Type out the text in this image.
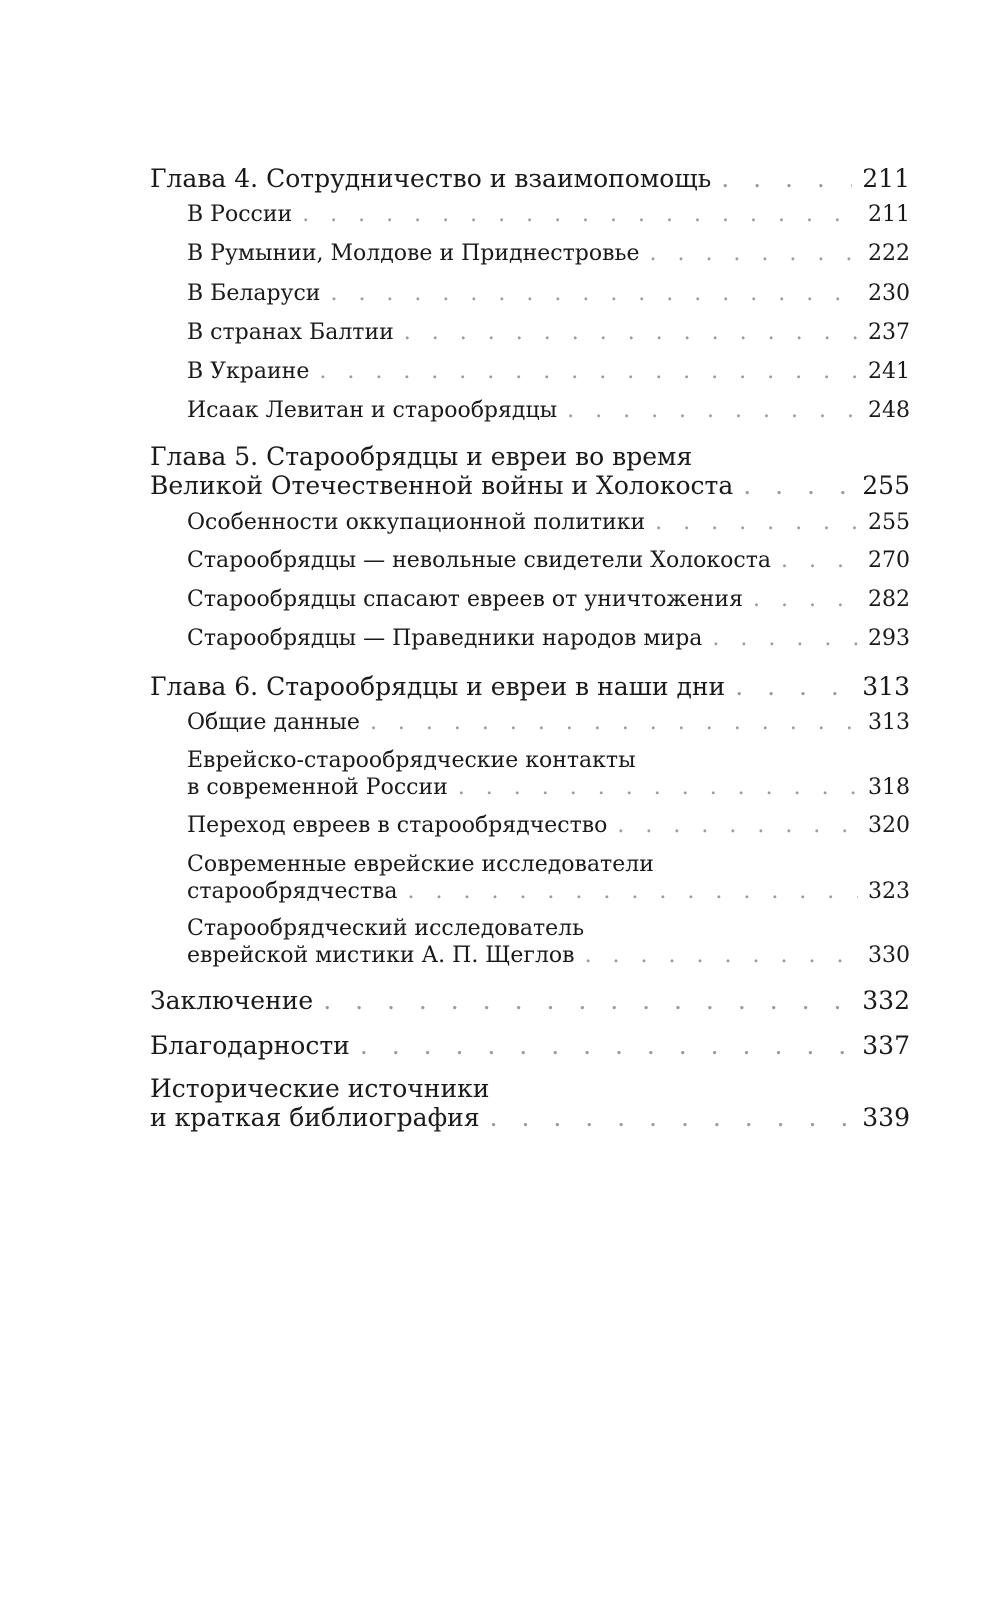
Глава 4. Сотрудничество и взаимопомощь . . .	211
В России . . .	211
В Румынии, Молдове и Приднестровье . . .	222
В Беларуси . . .	230
В странах Балтии . . .	237
В Украине . . .	241
Исаак Левитан и старообрядцы . . .	248
Глава 5. Старообрядцы и евреи во время
Великой Отечественной войны и Холокоста . . .	255
Особенности оккупационной политики . . .	255
Старообрядцы — невольные свидетели Холокоста . . .	270
Старообрядцы спасают евреев от уничтожения . . .	282
Старообрядцы — Праведники народов мира . . .	293
Глава 6. Старообрядцы и евреи в наши дни . . .	313
Общие данные . . .	313
Еврейско-старообрядческие контакты
в современной России . . .	318
Переход евреев в старообрядчество . . .	320
Современные еврейские исследователи
старообрядчества . . .	323
Старообрядческий исследователь
еврейской мистики А. П. Щеглов . . .	330
Заключение . . .	332
Благодарности . . .	337
Исторические источники
и краткая библиография . . .	339
